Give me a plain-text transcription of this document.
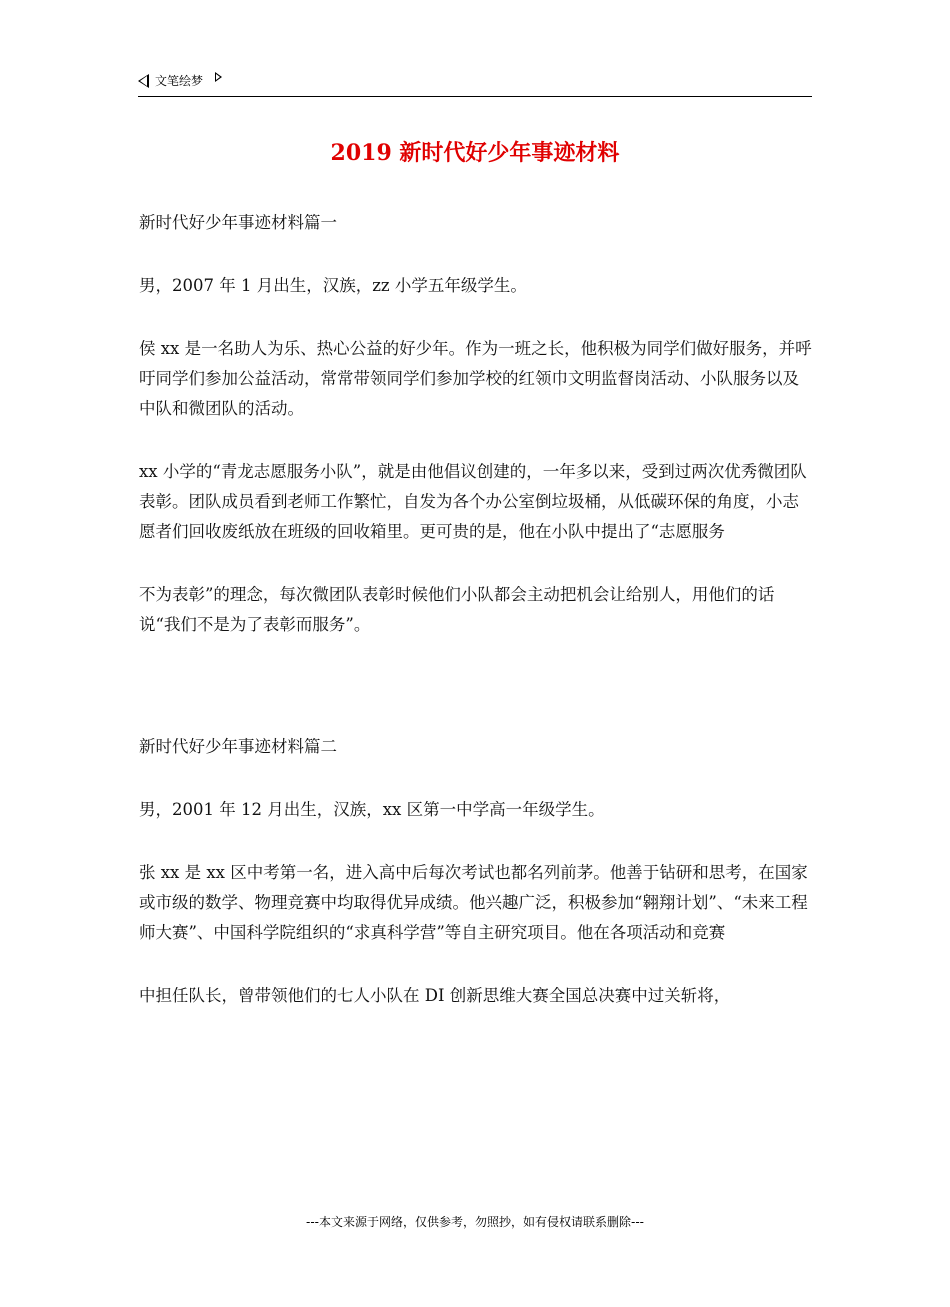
文笔绘梦
2019 新时代好少年事迹材料

新时代好少年事迹材料篇一

男，2007 年 1 月出生，汉族，zz 小学五年级学生。

侯 xx 是一名助人为乐、热心公益的好少年。作为一班之长，他积极为同学们做好服务，并呼吁同学们参加公益活动，常常带领同学们参加学校的红领巾文明监督岗活动、小队服务以及中队和微团队的活动。

xx 小学的“青龙志愿服务小队”，就是由他倡议创建的，一年多以来，受到过两次优秀微团队表彰。团队成员看到老师工作繁忙，自发为各个办公室倒垃圾桶，从低碳环保的角度，小志愿者们回收废纸放在班级的回收箱里。更可贵的是，他在小队中提出了“志愿服务

不为表彰”的理念，每次微团队表彰时候他们小队都会主动把机会让给别人，用他们的话说“我们不是为了表彰而服务”。

新时代好少年事迹材料篇二

男，2001 年 12 月出生，汉族，xx 区第一中学高一年级学生。

张 xx 是 xx 区中考第一名，进入高中后每次考试也都名列前茅。他善于钻研和思考，在国家或市级的数学、物理竞赛中均取得优异成绩。他兴趣广泛，积极参加“翱翔计划”、“未来工程师大赛”、中国科学院组织的“求真科学营”等自主研究项目。他在各项活动和竞赛

中担任队长，曾带领他们的七人小队在 DI 创新思维大赛全国总决赛中过关斩将，

---本文来源于网络，仅供参考，勿照抄，如有侵权请联系删除---
